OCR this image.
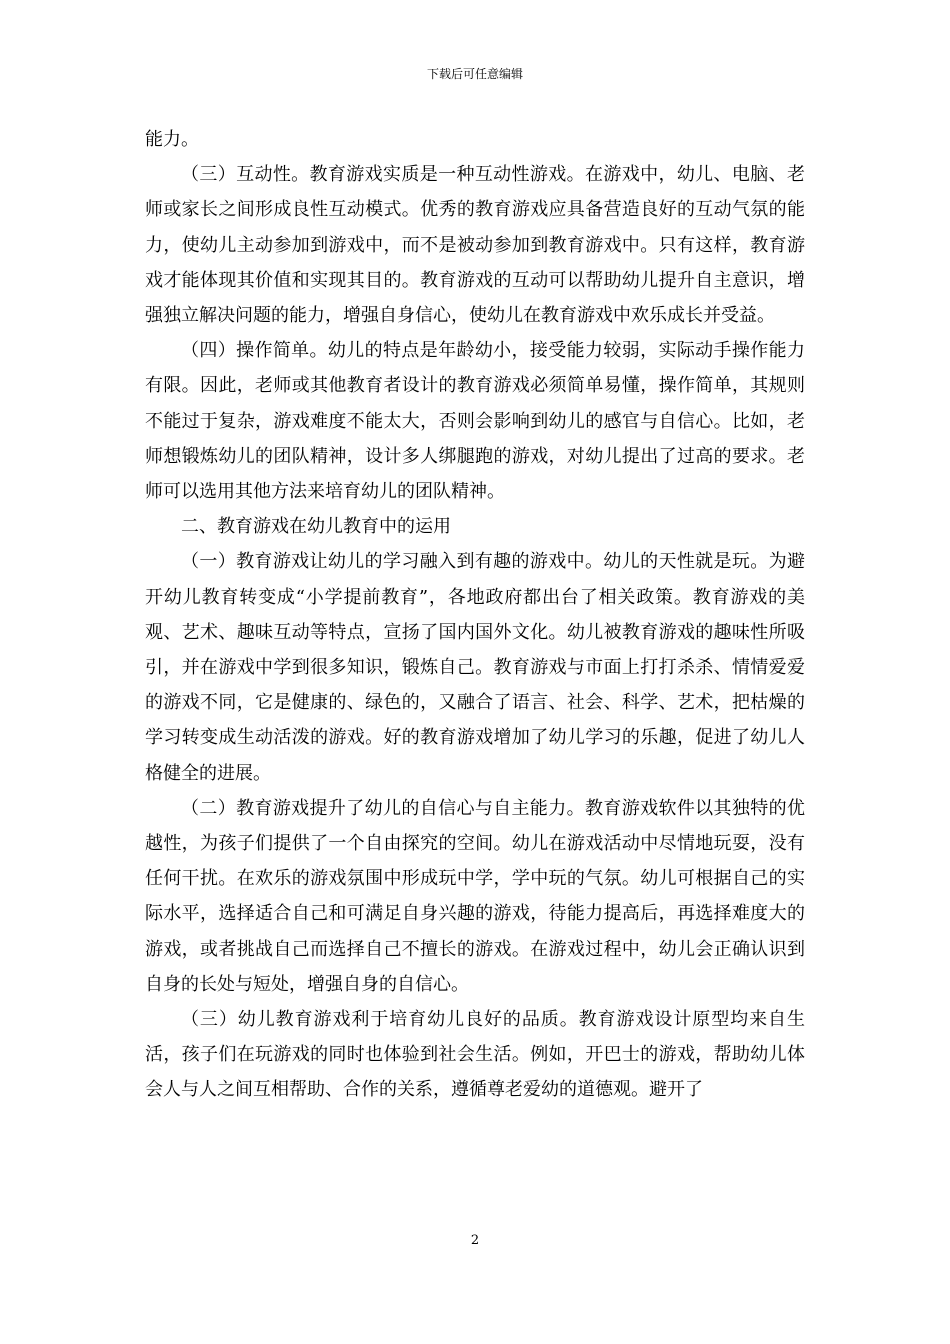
下载后可任意编辑

能力。

（三）互动性。教育游戏实质是一种互动性游戏。在游戏中，幼儿、电脑、老师或家长之间形成良性互动模式。优秀的教育游戏应具备营造良好的互动气氛的能力，使幼儿主动参加到游戏中，而不是被动参加到教育游戏中。只有这样，教育游戏才能体现其价值和实现其目的。教育游戏的互动可以帮助幼儿提升自主意识，增强独立解决问题的能力，增强自身信心，使幼儿在教育游戏中欢乐成长并受益。

（四）操作简单。幼儿的特点是年龄幼小，接受能力较弱，实际动手操作能力有限。因此，老师或其他教育者设计的教育游戏必须简单易懂，操作简单，其规则不能过于复杂，游戏难度不能太大，否则会影响到幼儿的感官与自信心。比如，老师想锻炼幼儿的团队精神，设计多人绑腿跑的游戏，对幼儿提出了过高的要求。老师可以选用其他方法来培育幼儿的团队精神。

二、教育游戏在幼儿教育中的运用

（一）教育游戏让幼儿的学习融入到有趣的游戏中。幼儿的天性就是玩。为避开幼儿教育转变成“小学提前教育”，各地政府都出台了相关政策。教育游戏的美观、艺术、趣味互动等特点，宣扬了国内国外文化。幼儿被教育游戏的趣味性所吸引，并在游戏中学到很多知识，锻炼自己。教育游戏与市面上打打杀杀、情情爱爱的游戏不同，它是健康的、绿色的，又融合了语言、社会、科学、艺术，把枯燥的学习转变成生动活泼的游戏。好的教育游戏增加了幼儿学习的乐趣，促进了幼儿人格健全的进展。

（二）教育游戏提升了幼儿的自信心与自主能力。教育游戏软件以其独特的优越性，为孩子们提供了一个自由探究的空间。幼儿在游戏活动中尽情地玩耍，没有任何干扰。在欢乐的游戏氛围中形成玩中学，学中玩的气氛。幼儿可根据自己的实际水平，选择适合自己和可满足自身兴趣的游戏，待能力提高后，再选择难度大的游戏，或者挑战自己而选择自己不擅长的游戏。在游戏过程中，幼儿会正确认识到自身的长处与短处，增强自身的自信心。

（三）幼儿教育游戏利于培育幼儿良好的品质。教育游戏设计原型均来自生活，孩子们在玩游戏的同时也体验到社会生活。例如，开巴士的游戏，帮助幼儿体会人与人之间互相帮助、合作的关系，遵循尊老爱幼的道德观。避开了

2
